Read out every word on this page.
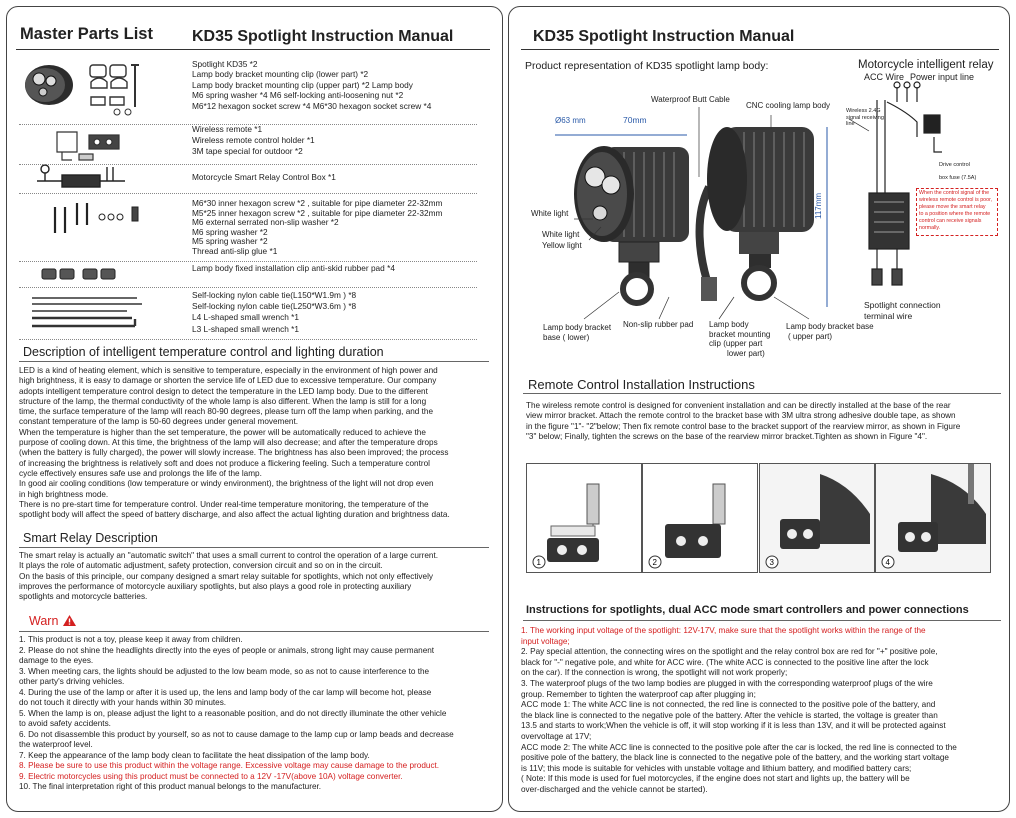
Master Parts List KD35 Spotlight Instruction Manual
Spotlight KD35 *2
Lamp body bracket mounting clip (lower part) *2
Lamp body bracket mounting clip (upper part) *2 Lamp body
M6 spring washer *4 M6 self-locking anti-loosening nut *2
M6*12 hexagon socket screw *4 M6*30 hexagon socket screw *4
Wireless remote *1
Wireless remote control holder *1
3M tape special for outdoor *2
Motorcycle Smart Relay Control Box *1
M6*30 inner hexagon screw *2 , suitable for pipe diameter 22-32mm
M5*25 inner hexagon screw *2 , suitable for pipe diameter 22-32mm
M6 external serrated non-slip washer *2
M6 spring washer *2
M5 spring washer *2
Thread anti-slip glue *1
Lamp body fixed installation clip anti-skid rubber pad *4
Self-locking nylon cable tie(L150*W1.9m ) *8
Self-locking nylon cable tie(L250*W3.6m ) *8
L4 L-shaped small wrench *1
L3 L-shaped small wrench *1
Description of intelligent temperature control and lighting duration
LED is a kind of heating element, which is sensitive to temperature, especially in the environment of high power and
high brightness, it is easy to damage or shorten the service life of LED due to excessive temperature. Our company
adopts intelligent temperature control design to detect the temperature in the LED lamp body. Due to the different
structure of the lamp, the thermal conductivity of the whole lamp is also different. When the lamp is still for a long
time, the surface temperature of the lamp will reach 80-90 degrees, please turn off the lamp when parking, and the
constant temperature of the lamp is 50-60 degrees under general movement.
When the temperature is higher than the set temperature, the power will be automatically reduced to achieve the
purpose of cooling down. At this time, the brightness of the lamp will also decrease; and after the temperature drops
(when the battery is fully charged), the power will slowly increase. The brightness has also been improved; the process
of increasing the brightness is relatively soft and does not produce a flickering feeling. Such a temperature control
cycle effectively ensures safe use and prolongs the life of the lamp.
In good air cooling conditions (low temperature or windy environment), the brightness of the light will not drop even
in high brightness mode.
There is no pre-start time for temperature control. Under real-time temperature monitoring, the temperature of the
spotlight body will affect the speed of battery discharge, and also affect the actual lighting duration and brightness data.
Smart Relay Description
The smart relay is actually an "automatic switch" that uses a small current to control the operation of a large current.
It plays the role of automatic adjustment, safety protection, conversion circuit and so on in the circuit.
On the basis of this principle, our company designed a smart relay suitable for spotlights, which not only effectively
improves the performance of motorcycle auxiliary spotlights, but also plays a good role in protecting auxiliary
spotlights and motorcycle batteries.
Warn
1. This product is not a toy, please keep it away from children.
2. Please do not shine the headlights directly into the eyes of people or animals, strong light may cause permanent
damage to the eyes.
3. When meeting cars, the lights should be adjusted to the low beam mode, so as not to cause interference to the
other party's driving vehicles.
4. During the use of the lamp or after it is used up, the lens and lamp body of the car lamp will become hot, please
do not touch it directly with your hands within 30 minutes.
5. When the lamp is on, please adjust the light to a reasonable position, and do not directly illuminate the other vehicle
to avoid safety accidents.
6. Do not disassemble this product by yourself, so as not to cause damage to the lamp cup or lamp beads and decrease
the waterproof level.
7. Keep the appearance of the lamp body clean to facilitate the heat dissipation of the lamp body.
8. Please be sure to use this product within the voltage range. Excessive voltage may cause damage to the product.
9. Electric motorcycles using this product must be connected to a 12V -17V(above 10A) voltage converter.
10. The final interpretation right of this product manual belongs to the manufacturer.
KD35 Spotlight Instruction Manual
Product representation of KD35 spotlight lamp body:	Motorcycle intelligent relay
Waterproof Butt Cable
CNC cooling lamp body
Ø63 mm	70mm
117mm
White light
White light
Yellow light
Lamp body bracket
base ( lower)
Non-slip rubber pad Lamp body
bracket mounting
clip (upper part
lower part)
Lamp body bracket base
( upper part)
ACC Wire Power input line
Wireless 2.4G
signal receiving
line
Drive control
box fuse (7.5A)
When the control signal of the
wireless remote control is poor,
please move the smart relay
to a position where the remote
control can receive signals
normally.
Spotlight connection
terminal wire
Remote Control Installation Instructions
The wireless remote control is designed for convenient installation and can be directly installed at the base of the rear
view mirror bracket. Attach the remote control to the bracket base with 3M ultra strong adhesive double tape, as shown
in the figure "1"- "2"below; Then fix remote control base to the bracket support of the rearview mirror, as shown in Figure
"3" below; Finally, tighten the screws on the base of the rearview mirror bracket.Tighten as shown in Figure "4".
1	2	3	4
Instructions for spotlights, dual ACC mode smart controllers and power connections
1. The working input voltage of the spotlight: 12V-17V, make sure that the spotlight works within the range of the
input voltage;
2. Pay special attention, the connecting wires on the spotlight and the relay control box are red for "+" positive pole,
black for "-" negative pole, and white for ACC wire. (The white ACC is connected to the positive line after the lock
on the car). If the connection is wrong, the spotlight will not work properly;
3. The waterproof plugs of the two lamp bodies are plugged in with the corresponding waterproof plugs of the wire
group. Remember to tighten the waterproof cap after plugging in;
ACC mode 1: The white ACC line is not connected, the red line is connected to the positive pole of the battery, and
the black line is connected to the negative pole of the battery. After the vehicle is started, the voltage is greater than
13.5 and starts to work;When the vehicle is off, it will stop working if it is less than 13V, and it will be protected against
overvoltage at 17V;
ACC mode 2: The white ACC line is connected to the positive pole after the car is locked, the red line is connected to the
positive pole of the battery, the black line is connected to the negative pole of the battery, and the working start voltage
is 11V; this mode is suitable for vehicles with unstable voltage and lithium battery, and modified battery cars;
( Note: If this mode is used for fuel motorcycles, if the engine does not start and lights up, the battery will be
over-discharged and the vehicle cannot be started).
